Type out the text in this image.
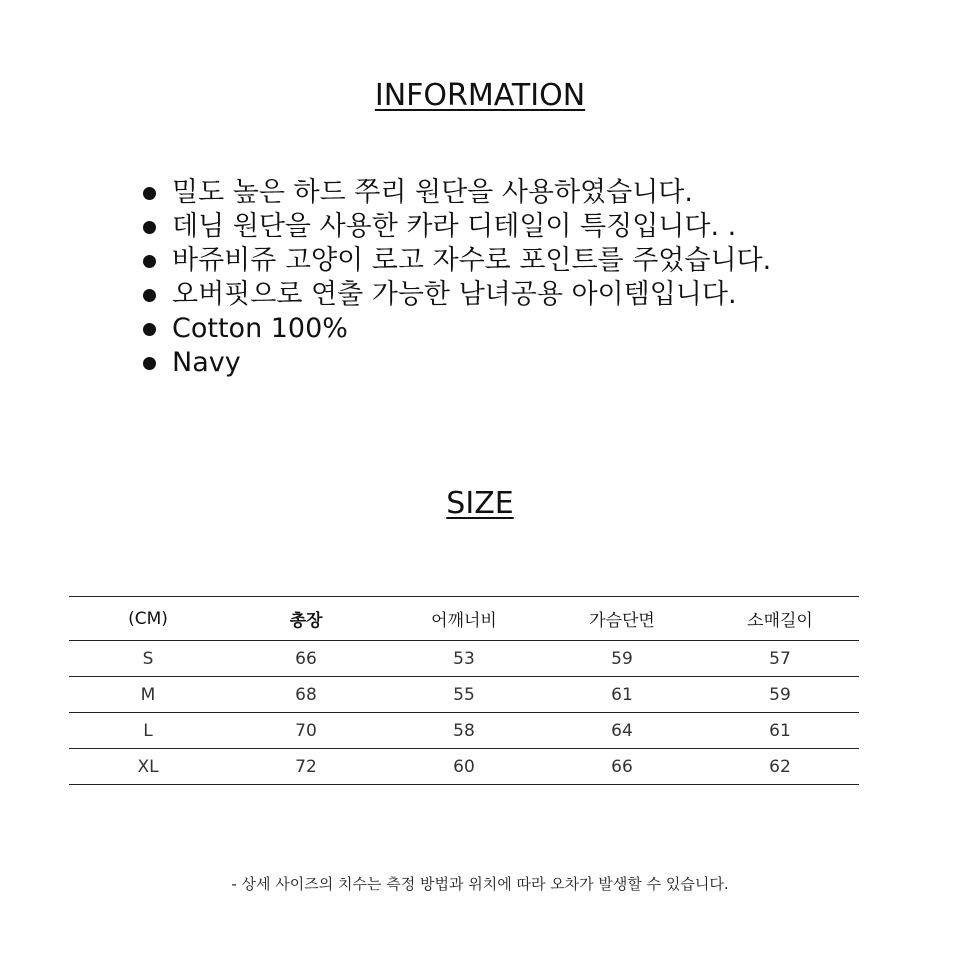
INFORMATION
밀도 높은 하드 쭈리 원단을 사용하였습니다.
데님 원단을 사용한 카라 디테일이 특징입니다. .
바쥬비쥬 고양이 로고 자수로 포인트를 주었습니다.
오버핏으로 연출 가능한 남녀공용 아이템입니다.
Cotton 100%
Navy
SIZE
(CM)	총장	어깨너비	가슴단면	소매길이
S	66	53	59	57
M	68	55	61	59
L	70	58	64	61
XL	72	60	66	62

- 상세 사이즈의 치수는 측정 방법과 위치에 따라 오차가 발생할 수 있습니다.
